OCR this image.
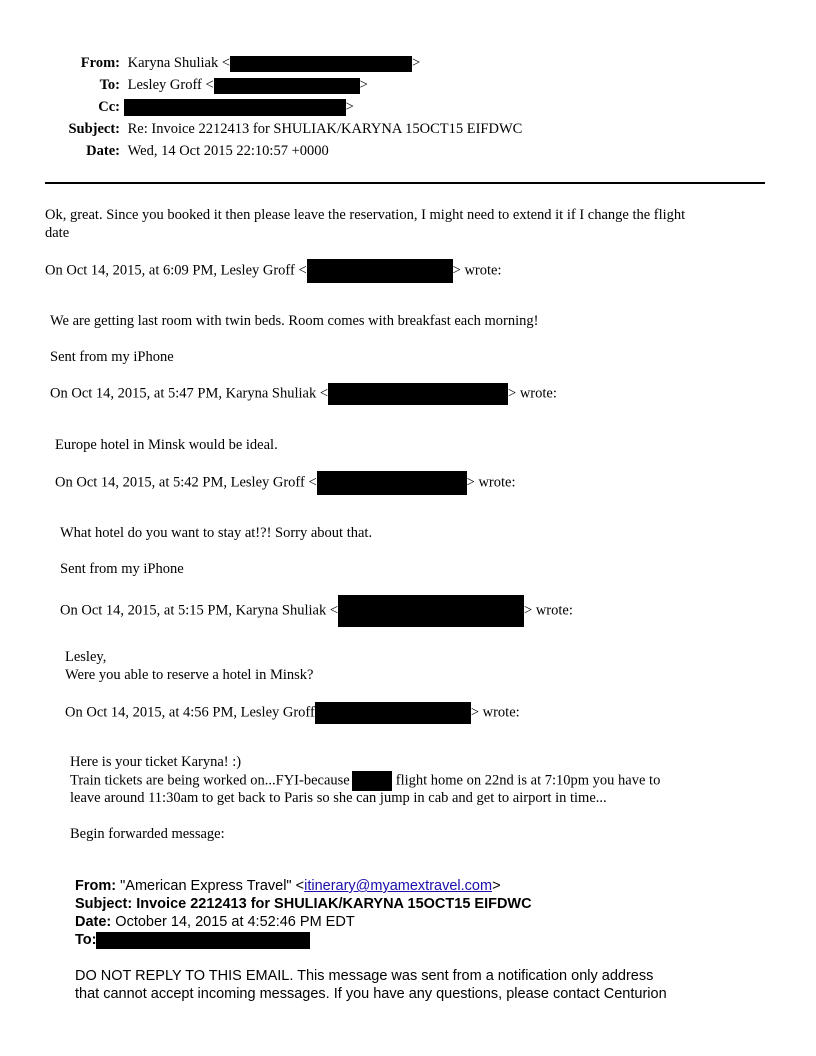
From: Karyna Shuliak <	>
To: Lesley Groff <	>
Cc:	>
Subject: Re: Invoice 2212413 for SHULIAK/KARYNA 15OCT15 EIFDWC
Date: Wed, 14 Oct 2015 22:10:57 +0000
Ok, great. Since you booked it then please leave the reservation, I might need to extend it if I change the flight
date
On Oct 14, 2015, at 6:09 PM, Lesley Groff <	> wrote:
We are getting last room with twin beds. Room comes with breakfast each morning!
Sent from my iPhone
On Oct 14, 2015, at 5:47 PM, Karyna Shuliak <	> wrote:
Europe hotel in Minsk would be ideal.
On Oct 14, 2015, at 5:42 PM, Lesley Groff <	> wrote:
What hotel do you want to stay at!?! Sorry about that.
Sent from my iPhone
On Oct 14, 2015, at 5:15 PM, Karyna Shuliak <	> wrote:
Lesley,
Were you able to reserve a hotel in Minsk?
On Oct 14, 2015, at 4:56 PM, Lesley Groff	> wrote:
Here is your ticket Karyna! :)
Train tickets are being worked on...FYI-because	flight home on 22nd is at 7:10pm you have to
leave around 11:30am to get back to Paris so she can jump in cab and get to airport in time...
Begin forwarded message:
From: "American Express Travel" <itinerary@myamextravel.com>
Subject: Invoice 2212413 for SHULIAK/KARYNA 15OCT15 EIFDWC
Date: October 14, 2015 at 4:52:46 PM EDT
To:
DO NOT REPLY TO THIS EMAIL. This message was sent from a notification only address
that cannot accept incoming messages. If you have any questions, please contact Centurion
